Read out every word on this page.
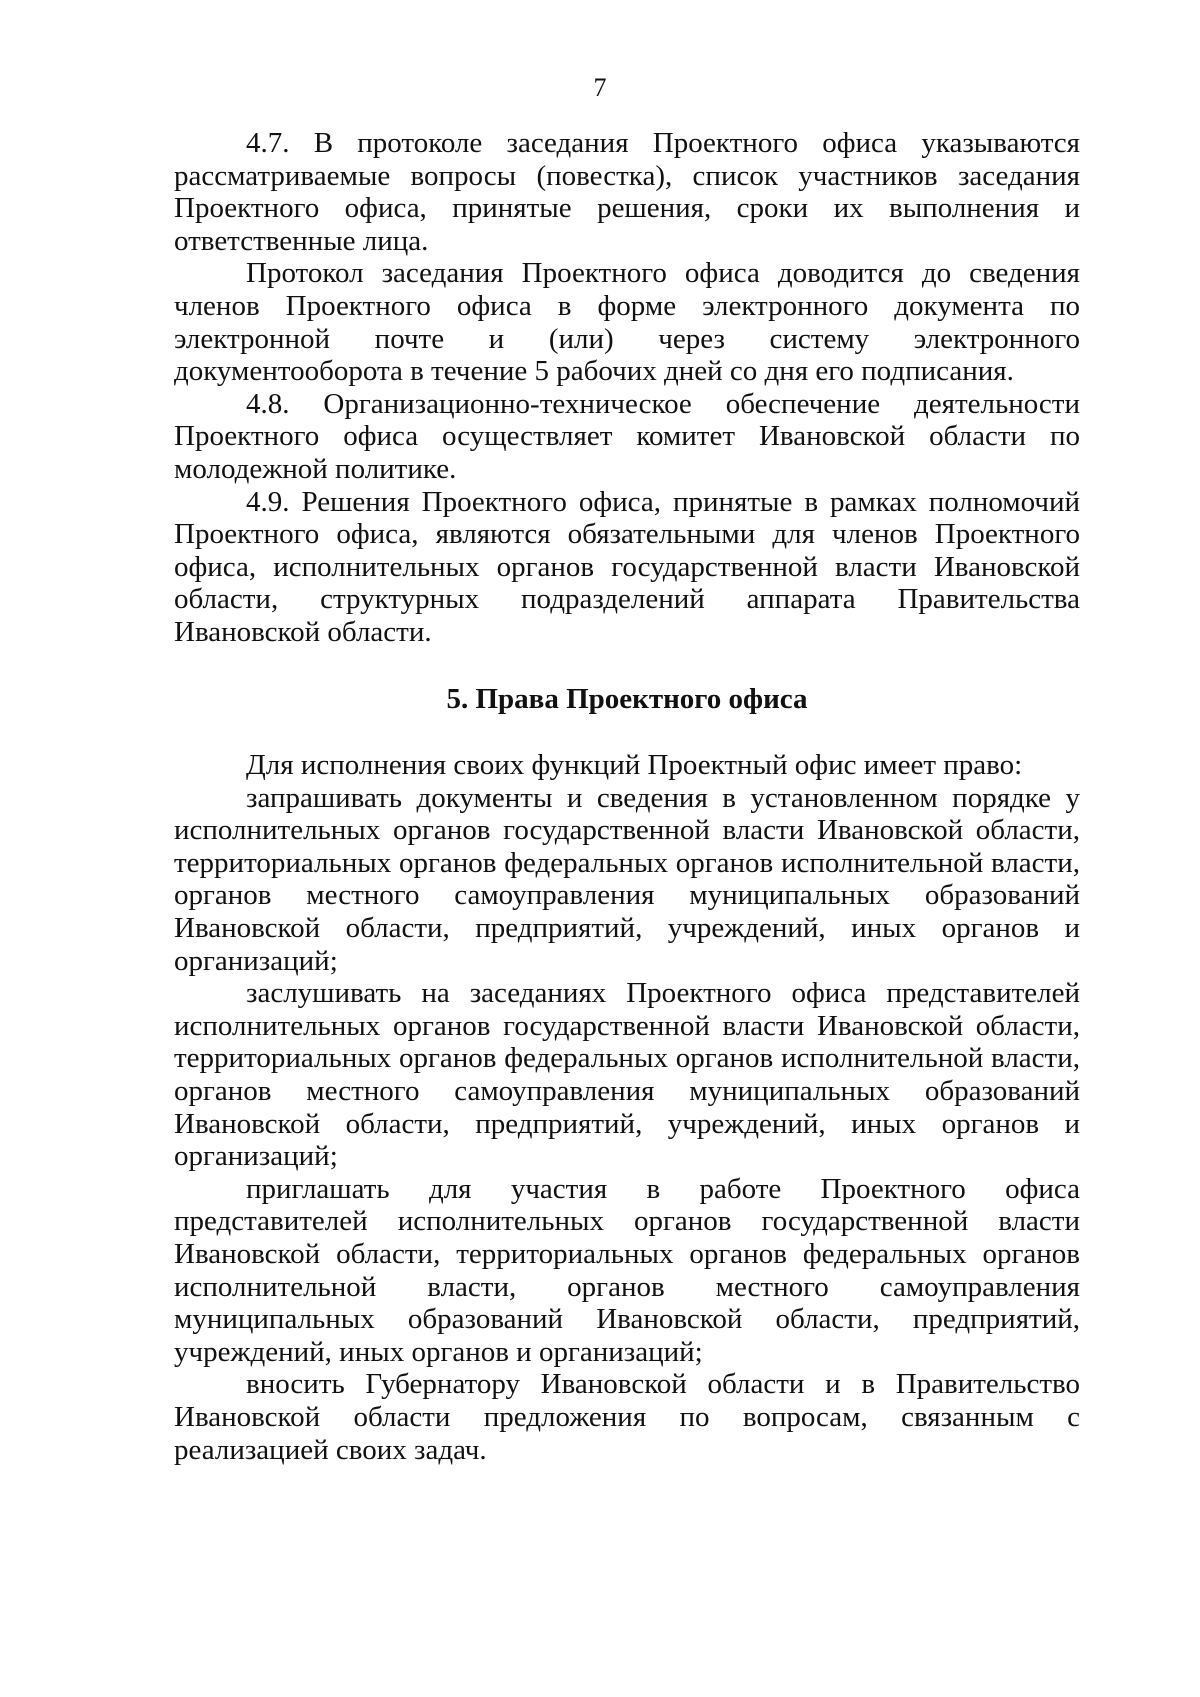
7

4.7. В протоколе заседания Проектного офиса указываются рассматриваемые вопросы (повестка), список участников заседания Проектного офиса, принятые решения, сроки их выполнения и ответственные лица.

Протокол заседания Проектного офиса доводится до сведения членов Проектного офиса в форме электронного документа по электронной почте и (или) через систему электронного документооборота в течение 5 рабочих дней со дня его подписания.

4.8. Организационно-техническое обеспечение деятельности Проектного офиса осуществляет комитет Ивановской области по молодежной политике.

4.9. Решения Проектного офиса, принятые в рамках полномочий Проектного офиса, являются обязательными для членов Проектного офиса, исполнительных органов государственной власти Ивановской области, структурных подразделений аппарата Правительства Ивановской области.

5. Права Проектного офиса

Для исполнения своих функций Проектный офис имеет право:

запрашивать документы и сведения в установленном порядке у исполнительных органов государственной власти Ивановской области, территориальных органов федеральных органов исполнительной власти, органов местного самоуправления муниципальных образований Ивановской области, предприятий, учреждений, иных органов и организаций;

заслушивать на заседаниях Проектного офиса представителей исполнительных органов государственной власти Ивановской области, территориальных органов федеральных органов исполнительной власти, органов местного самоуправления муниципальных образований Ивановской области, предприятий, учреждений, иных органов и организаций;

приглашать для участия в работе Проектного офиса представителей исполнительных органов государственной власти Ивановской области, территориальных органов федеральных органов исполнительной власти, органов местного самоуправления муниципальных образований Ивановской области, предприятий, учреждений, иных органов и организаций;

вносить Губернатору Ивановской области и в Правительство Ивановской области предложения по вопросам, связанным с реализацией своих задач.
